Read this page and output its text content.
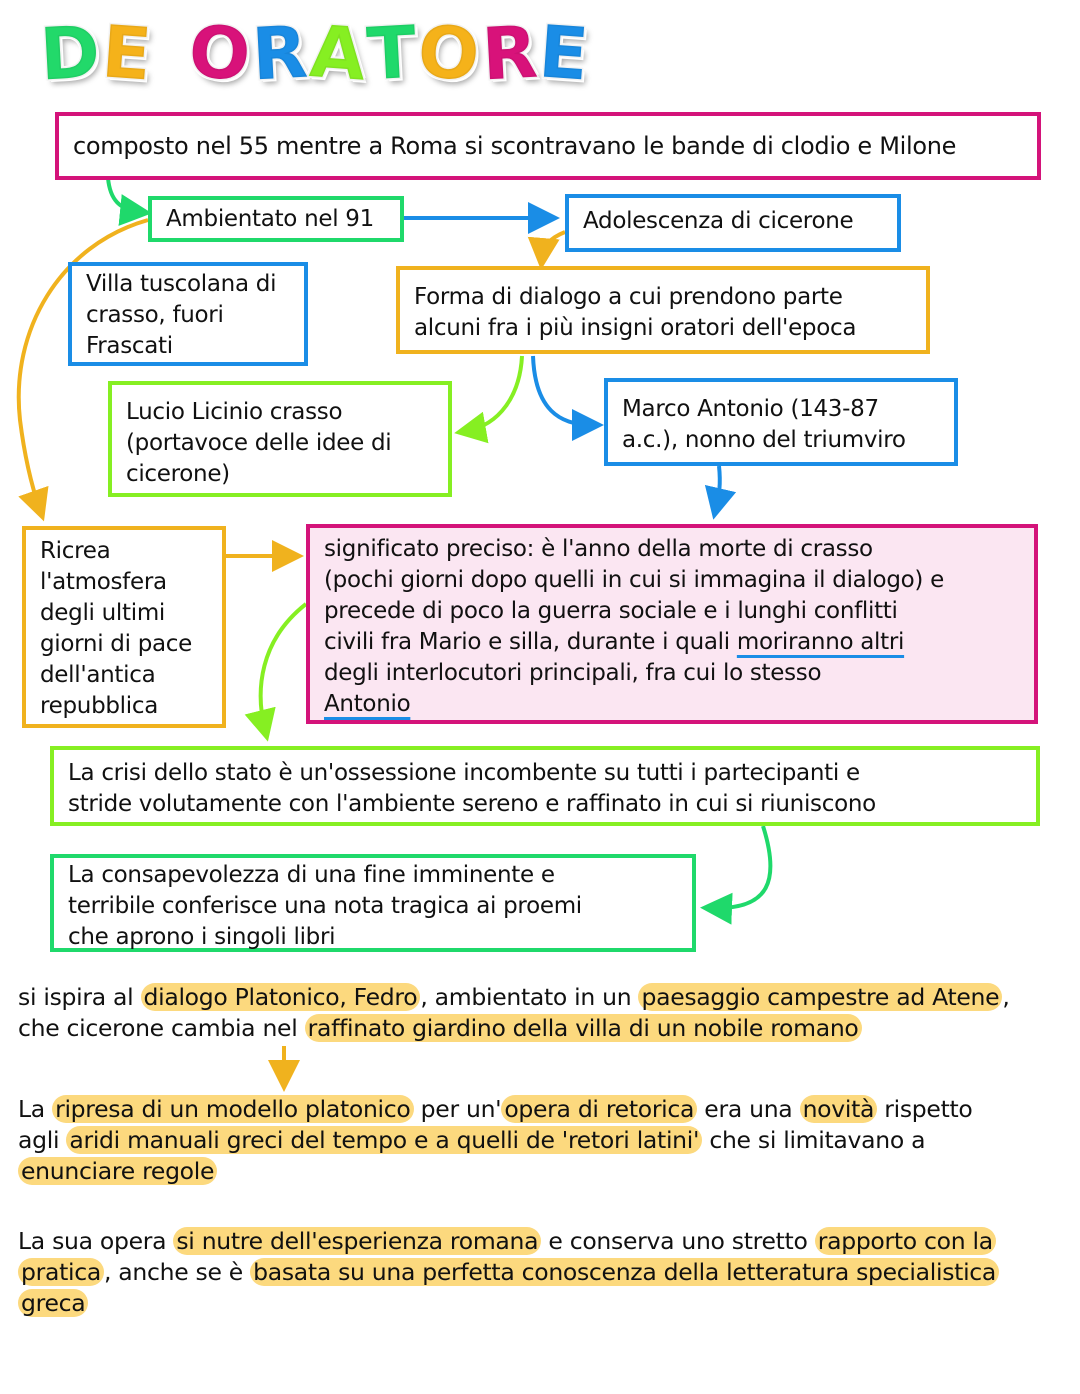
DE ORATORE

composto nel 55 mentre a Roma si scontravano le bande di clodio e Milone

Ambientato nel 91	Adolescenza di cicerone

Villa tuscolana di

crasso, fuori

Frascati

Forma di dialogo a cui prendono parte

alcuni fra i più insigni oratori dell'epoca

Lucio Licinio crasso

(portavoce delle idee di

cicerone)

Marco Antonio (143-87

a.c.), nonno del triumviro

Ricrea

l'atmosfera

degli ultimi

giorni di pace

dell'antica

repubblica

significato preciso: è l'anno della morte di crasso

(pochi giorni dopo quelli in cui si immagina il dialogo) e

precede di poco la guerra sociale e i lunghi conflitti

civili fra Mario e silla, durante i quali moriranno altri

degli interlocutori principali, fra cui lo stesso

Antonio

La crisi dello stato è un'ossessione incombente su tutti i partecipanti e

stride volutamente con l'ambiente sereno e raffinato in cui si riuniscono

La consapevolezza di una fine imminente e

terribile conferisce una nota tragica ai proemi

che aprono i singoli libri

si ispira al dialogo Platonico, Fedro , ambientato in un paesaggio campestre ad Atene , che cicerone cambia nel raffinato giardino della villa di un nobile romano
La ripresa di un modello platonico per un' opera di retorica era una novità rispetto agli aridi manuali greci del tempo e a quelli de 'retori latini' che si limitavano a enunciare regole
La sua opera si nutre dell'esperienza romana e conserva uno stretto rapporto con la pratica , anche se è basata su una perfetta conoscenza della letteratura specialistica greca
